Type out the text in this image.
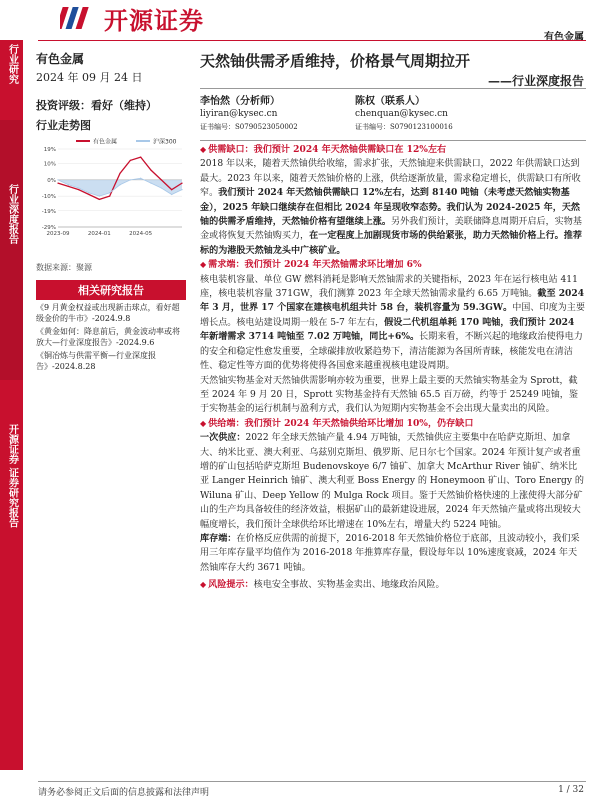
开源证券
有色金属
行业研究
行业深度报告
开源证券 证券研究报告
有色金属
2024 年 09 月 24 日
投资评级：看好（维持）
行业走势图
有色金属	沪深300
19%
10%
0%
-10%
-19%
-29%
2023-09	2024-01	2024-05
数据来源：聚源
相关研究报告
《9 月黄金权益或出现新击球点，看好超级金价的牛市》-2024.9.8
《黄金如何：降息前后，黄金波动率或将放大—行业深度报告》-2024.9.6
《铜冶炼与供需平衡—行业深度报告》-2024.8.28
天然铀供需矛盾维持，价格景气周期拉开
——行业深度报告
李怡然（分析师）
liyiran@kysec.cn
证书编号：S0790523050002
陈权（联系人）
chenquan@kysec.cn
证书编号：S0790123100016

◆ 供需缺口：我们预计 2024 年天然铀供需缺口在 12%左右

2018 年以来，随着天然铀供给收缩，需求扩张，天然铀迎来供需缺口，2022 年供需缺口达到最大。2023 年以来，随着天然铀价格的上涨，供给逐渐放量，需求稳定增长，供需缺口有所收窄。我们预计 2024 年天然铀供需缺口 12%左右，达到 8140 吨铀（未考虑天然铀实物基金），2025 年缺口继续存在但相比 2024 年呈现收窄态势。我们认为 2024-2025 年，天然铀的供需矛盾维持，天然铀价格有望继续上涨。另外我们预计，美联储降息周期开启后，实物基金或将恢复天然铀购买力，在一定程度上加剧现货市场的供给紧张，助力天然铀价格上行。推荐标的为港股天然铀龙头中广核矿业。

◆ 需求端：我们预计 2024 年天然铀需求环比增加 6%

核电装机容量、单位 GW 燃料消耗是影响天然铀需求的关键指标，2023 年在运行核电站 411 座，核电装机容量 371GW，我们测算 2023 年全球天然铀需求量约 6.65 万吨铀。截至 2024 年 3 月，世界 17 个国家在建核电机组共计 58 台，装机容量为 59.3GW。中国、印度为主要增长点。核电站建设周期一般在 5-7 年左右，假设二代机组单耗 170 吨铀，我们预计 2024 年新增需求 3714 吨铀至 7.02 万吨铀，同比+6%。长期来看，不断兴起的地缘政治使得电力的安全和稳定性愈发重要，全球碳排放收紧趋势下，清洁能源为各国所青睐，核能发电在清洁性、稳定性等方面的优势将使得各国愈来越重视核电建设周期。

天然铀实物基金对天然铀供需影响亦较为重要，世界上最主要的天然铀实物基金为 Sprott，截至 2024 年 9 月 20 日，Sprott 实物基金持有天然铀 65.5 百万磅，约等于 25249 吨铀，鉴于实物基金的运行机制与盈利方式，我们认为短期内实物基金不会出现大量卖出的风险。

◆ 供给端：我们预计 2024 年天然铀供给环比增加 10%，仍存缺口

一次供应：2022 年全球天然铀产量 4.94 万吨铀，天然铀供应主要集中在哈萨克斯坦、加拿大、纳米比亚、澳大利亚、乌兹别克斯坦、俄罗斯、尼日尔七个国家。2024 年预计复产或者重增的矿山包括哈萨克斯坦 Budenovskoye 6/7 铀矿、加拿大 McArthur River 铀矿、纳米比亚 Langer Heinrich 铀矿、澳大利亚 Boss Energy 的 Honeymoon 矿山、Toro Energy 的 Wiluna 矿山、Deep Yellow 的 Mulga Rock 项目。鉴于天然铀价格快速的上涨使得大部分矿山的生产均具备较佳的经济效益，根据矿山的最新建设进展，2024 年天然铀产量或将出现较大幅度增长，我们预计全球供给环比增速在 10%左右，增量大约 5224 吨铀。

库存端：在价格反应供需的前提下，2016-2018 年天然铀价格位于底部，且波动较小，我们采用三年库存量平均值作为 2016-2018 年推算库存量，假设每年以 10%速度衰减，2024 年天然铀库存大约 3671 吨铀。

◆ 风险提示：核电安全事故、实物基金卖出、地缘政治风险。

请务必参阅正文后面的信息披露和法律声明	1 / 32
